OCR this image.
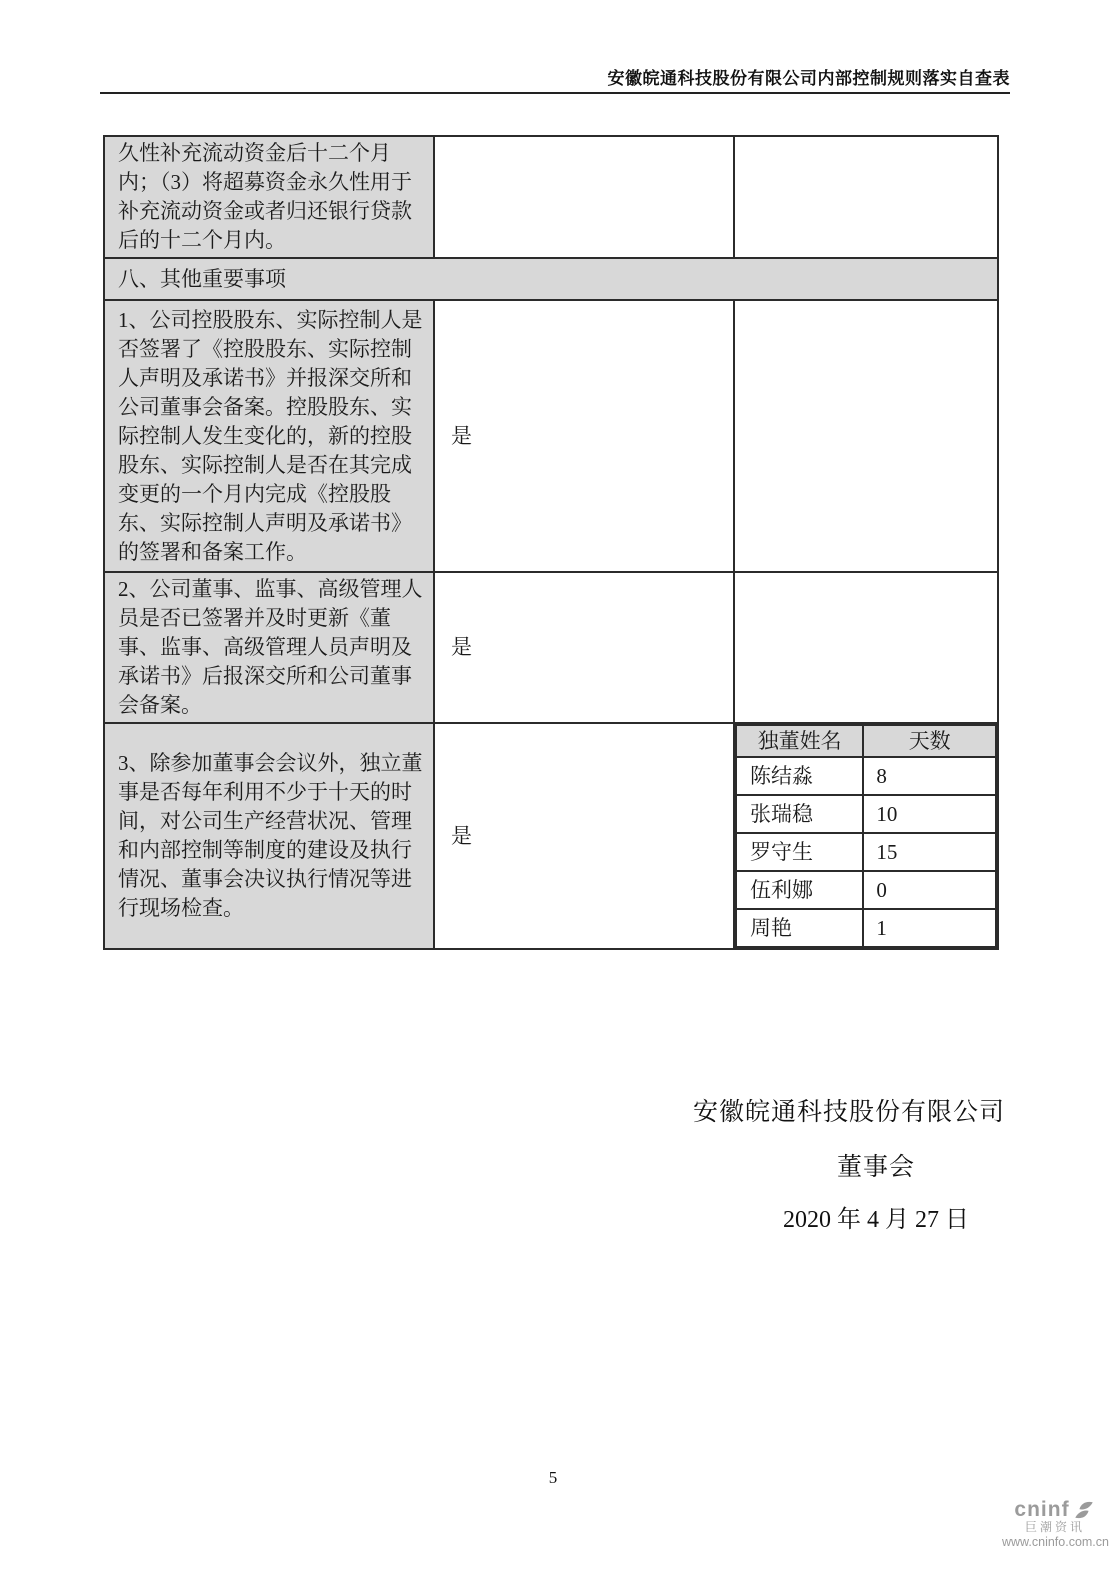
安徽皖通科技股份有限公司内部控制规则落实自查表
久性补充流动资金后十二个月内；（3）将超募资金永久性用于补充流动资金或者归还银行贷款后的十二个月内。		
八、其他重要事项
1、公司控股股东、实际控制人是否签署了《控股股东、实际控制人声明及承诺书》并报深交所和公司董事会备案。控股股东、实际控制人发生变化的，新的控股股东、实际控制人是否在其完成变更的一个月内完成《控股股东、实际控制人声明及承诺书》的签署和备案工作。	是	
2、公司董事、监事、高级管理人员是否已签署并及时更新《董事、监事、高级管理人员声明及承诺书》后报深交所和公司董事会备案。	是	
3、除参加董事会会议外，独立董事是否每年利用不少于十天的时间，对公司生产经营状况、管理和内部控制等制度的建设及执行情况、董事会决议执行情况等进行现场检查。	是	
独董姓名	天数
陈结淼	8
张瑞稳	10
罗守生	15
伍利娜	0
周艳	1
安徽皖通科技股份有限公司
董事会
2020 年 4 月 27 日
5
cninf
巨潮资讯
www.cninfo.com.cn
